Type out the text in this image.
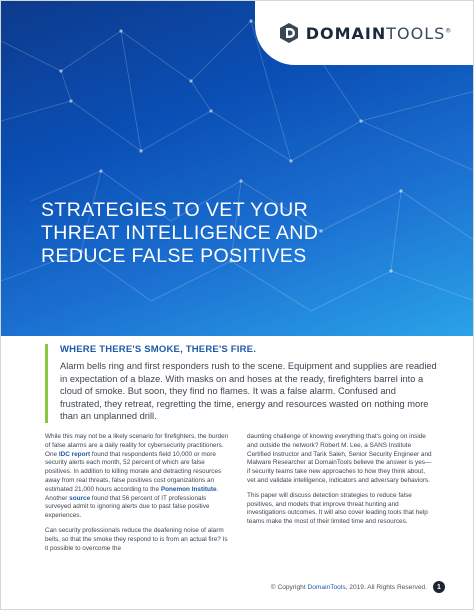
DOMAINTOOLS®
STRATEGIES TO VET YOUR
THREAT INTELLIGENCE AND
REDUCE FALSE POSITIVES
WHERE THERE'S SMOKE, THERE'S FIRE.

Alarm bells ring and first responders rush to the scene. Equipment and supplies are readied in expectation of a blaze. With masks on and hoses at the ready, firefighters barrel into a cloud of smoke. But soon, they find no flames. It was a false alarm. Confused and frustrated, they retreat, regretting the time, energy and resources wasted on nothing more than an unplanned drill.

While this may not be a likely scenario for firefighters, the burden of false alarms are a daily reality for cybersecurity practitioners. One IDC report found that respondents field 10,000 or more security alerts each month, 52 percent of which are false positives. In addition to killing morale and detracting resources away from real threats, false positives cost organizations an estimated 21,000 hours according to the Ponemon Institute. Another source found that 56 percent of IT professionals surveyed admit to ignoring alerts due to past false positive experiences.

Can security professionals reduce the deafening noise of alarm bells, so that the smoke they respond to is from an actual fire? Is it possible to overcome the

daunting challenge of knowing everything that's going on inside and outside the network? Robert M. Lee, a SANS Institute Certified Instructor and Tarik Saleh, Senior Security Engineer and Malware Researcher at DomainTools believe the answer is yes—if security teams take new approaches to how they think about, vet and validate intelligence, indicators and adversary behaviors.

This paper will discuss detection strategies to reduce false positives, and models that improve threat hunting and investigations outcomes. It will also cover leading tools that help teams make the most of their limited time and resources.

© Copyright DomainTools, 2019. All Rights Reserved.	1
